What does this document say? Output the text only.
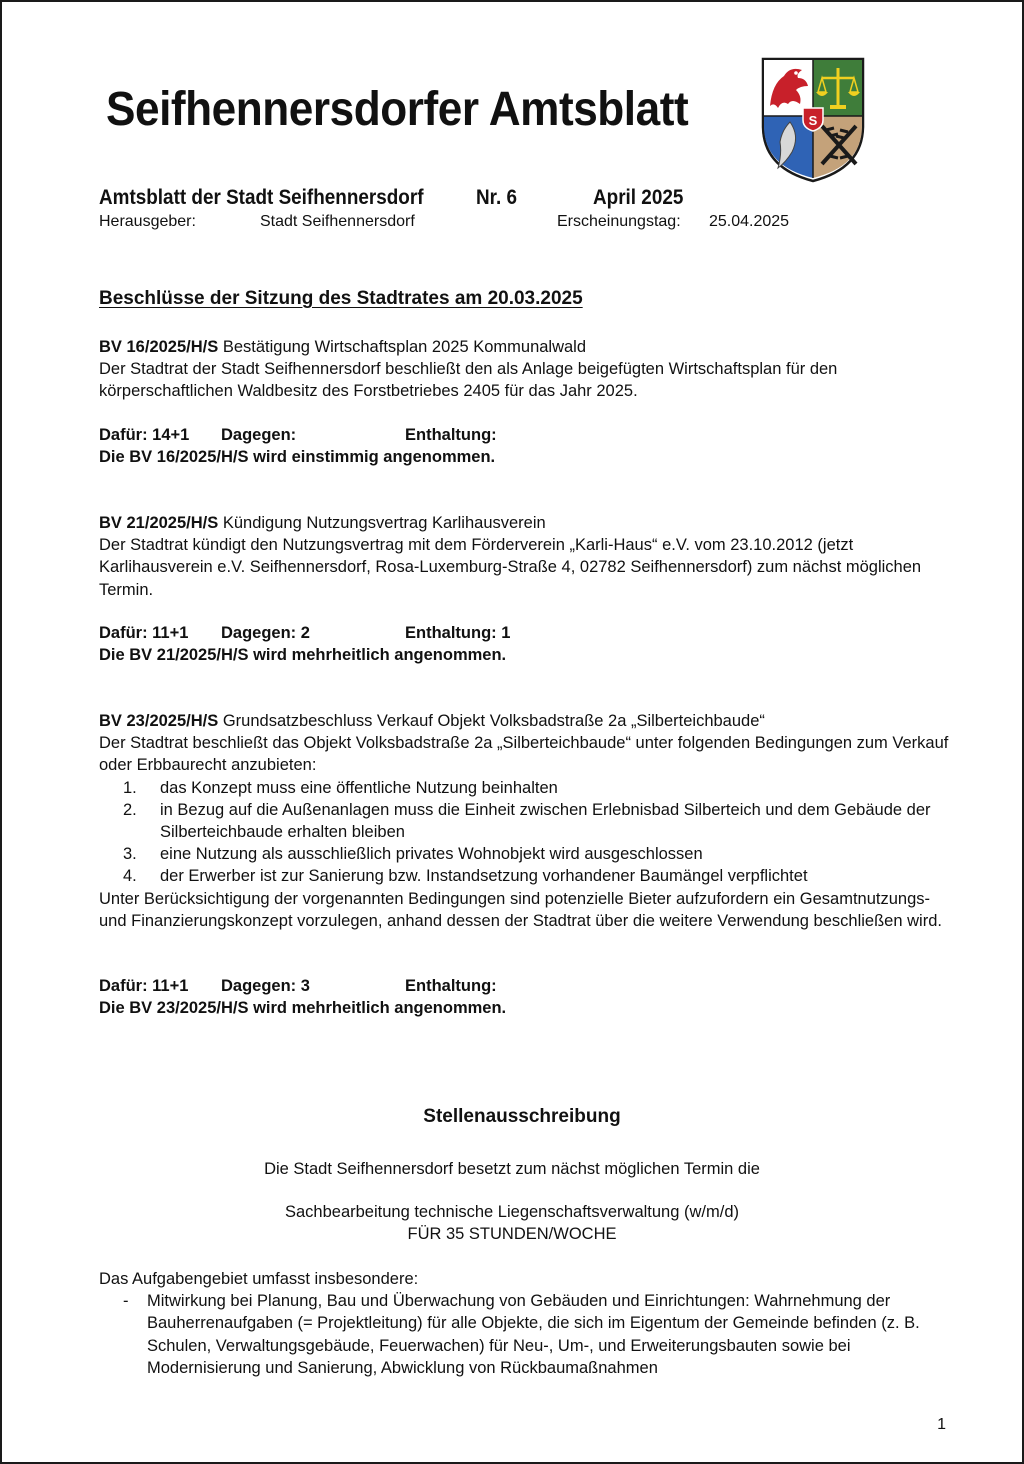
Seifhennersdorfer Amtsblatt	S
Amtsblatt der Stadt Seifhennersdorf Nr. 6	April 2025
Herausgeber:	Stadt Seifhennersdorf	Erscheinungstag: 25.04.2025
Beschlüsse der Sitzung des Stadtrates am 20.03.2025

BV 16/2025/H/S Bestätigung Wirtschaftsplan 2025 Kommunalwald

Der Stadtrat der Stadt Seifhennersdorf beschließt den als Anlage beigefügten Wirtschaftsplan für den körperschaftlichen Waldbesitz des Forstbetriebes 2405 für das Jahr 2025.

Dafür: 14+1 Dagegen:	Enthaltung:
Die BV 16/2025/H/S wird einstimmig angenommen.

BV 21/2025/H/S Kündigung Nutzungsvertrag Karlihausverein

Der Stadtrat kündigt den Nutzungsvertrag mit dem Förderverein „Karli-Haus“ e.V. vom 23.10.2012 (jetzt Karlihausverein e.V. Seifhennersdorf, Rosa-Luxemburg-Straße 4, 02782 Seifhennersdorf) zum nächst möglichen Termin.

Dafür: 11+1 Dagegen: 2	Enthaltung: 1
Die BV 21/2025/H/S wird mehrheitlich angenommen.

BV 23/2025/H/S Grundsatzbeschluss Verkauf Objekt Volksbadstraße 2a „Silberteichbaude“

Der Stadtrat beschließt das Objekt Volksbadstraße 2a „Silberteichbaude“ unter folgenden Bedingungen zum Verkauf oder Erbbaurecht anzubieten:

1. das Konzept muss eine öffentliche Nutzung beinhalten
2. in Bezug auf die Außenanlagen muss die Einheit zwischen Erlebnisbad Silberteich und dem Gebäude der Silberteichbaude erhalten bleiben
3. eine Nutzung als ausschließlich privates Wohnobjekt wird ausgeschlossen
4. der Erwerber ist zur Sanierung bzw. Instandsetzung vorhandener Baumängel verpflichtet

Unter Berücksichtigung der vorgenannten Bedingungen sind potenzielle Bieter aufzufordern ein Gesamtnutzungs- und Finanzierungskonzept vorzulegen, anhand dessen der Stadtrat über die weitere Verwendung beschließen wird.

Dafür: 11+1 Dagegen: 3	Enthaltung:
Die BV 23/2025/H/S wird mehrheitlich angenommen.
Stellenausschreibung
Die Stadt Seifhennersdorf besetzt zum nächst möglichen Termin die
Sachbearbeitung technische Liegenschaftsverwaltung (w/m/d)
FÜR 35 STUNDEN/WOCHE

Das Aufgabengebiet umfasst insbesondere:

- Mitwirkung bei Planung, Bau und Überwachung von Gebäuden und Einrichtungen: Wahrnehmung der Bauherrenaufgaben (= Projektleitung) für alle Objekte, die sich im Eigentum der Gemeinde befinden (z. B. Schulen, Verwaltungsgebäude, Feuerwachen) für Neu-, Um-, und Erweiterungsbauten sowie bei Modernisierung und Sanierung, Abwicklung von Rückbaumaßnahmen
1
